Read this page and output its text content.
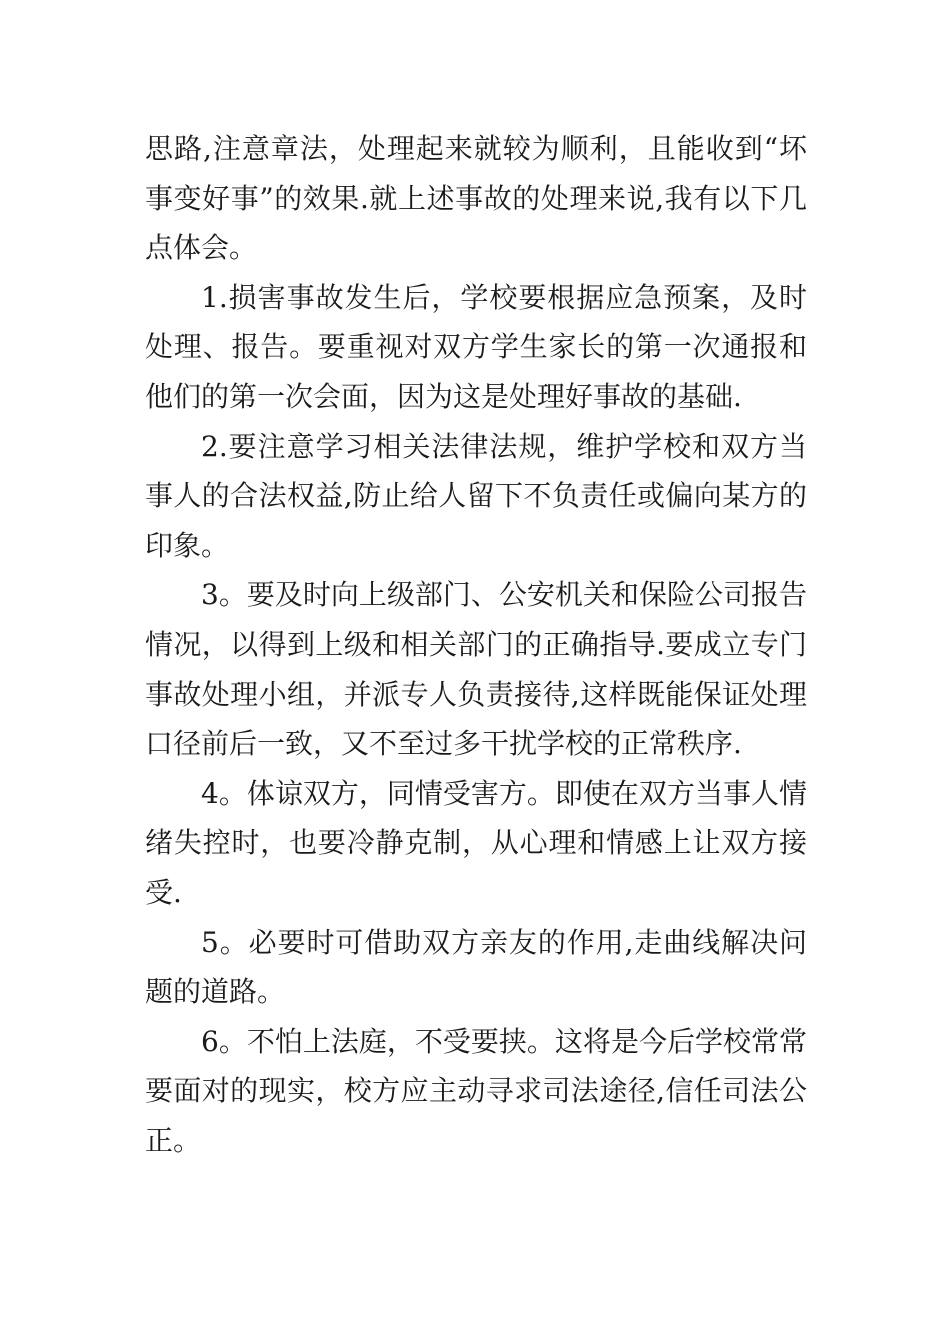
思路,注意章法，处理起来就较为顺利，且能收到“坏事变好事”的效果.就上述事故的处理来说,我有以下几点体会。

1.损害事故发生后，学校要根据应急预案，及时处理、报告。要重视对双方学生家长的第一次通报和他们的第一次会面，因为这是处理好事故的基础.

2.要注意学习相关法律法规，维护学校和双方当事人的合法权益,防止给人留下不负责任或偏向某方的印象。

3。要及时向上级部门、公安机关和保险公司报告情况，以得到上级和相关部门的正确指导.要成立专门事故处理小组，并派专人负责接待,这样既能保证处理口径前后一致，又不至过多干扰学校的正常秩序.

4。体谅双方，同情受害方。即使在双方当事人情绪失控时，也要冷静克制，从心理和情感上让双方接受.

5。必要时可借助双方亲友的作用,走曲线解决问题的道路。

6。不怕上法庭，不受要挟。这将是今后学校常常要面对的现实，校方应主动寻求司法途径,信任司法公正。
